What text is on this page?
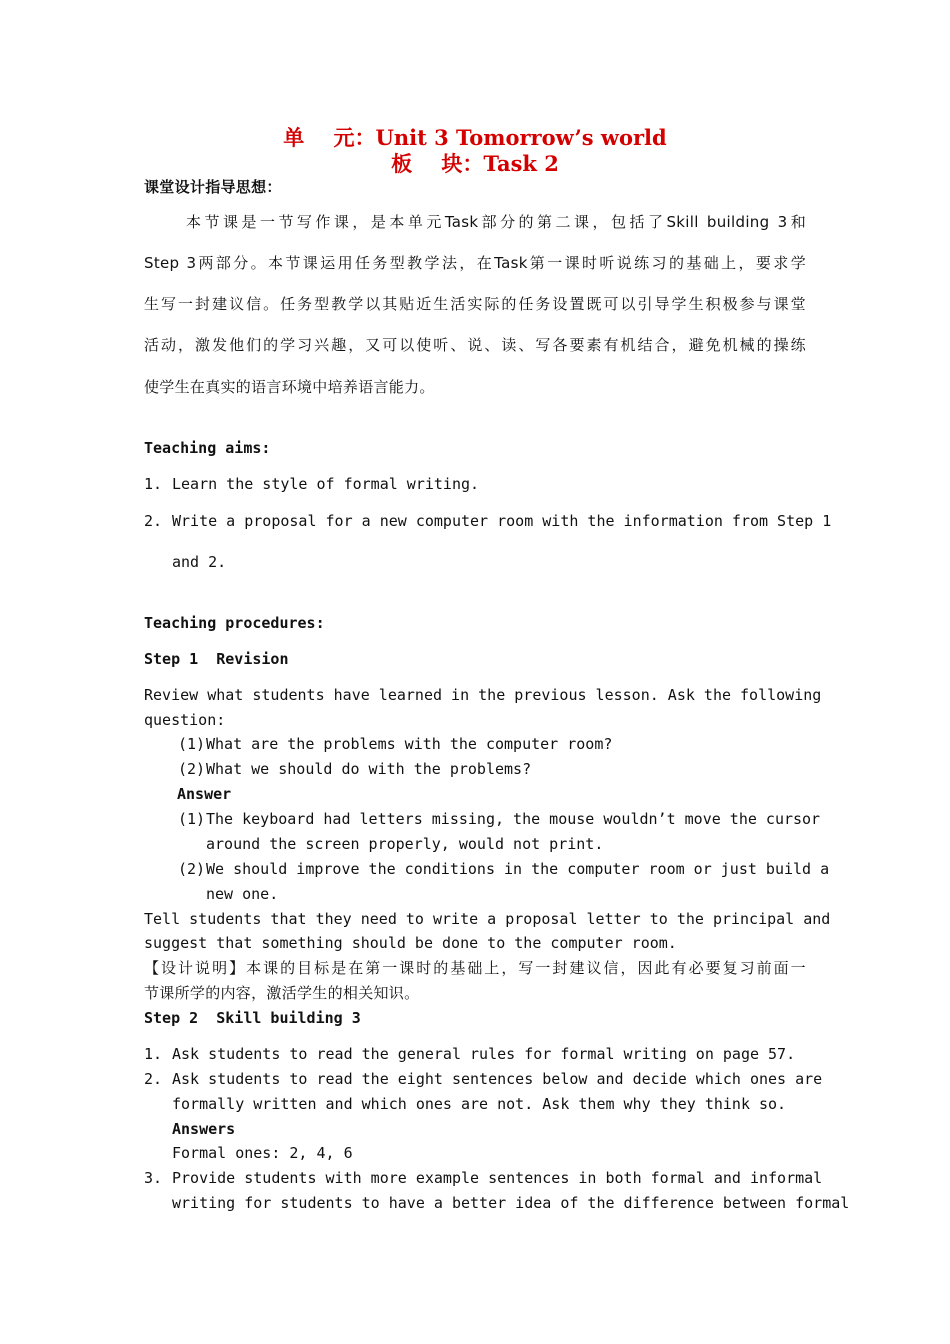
单    元：Unit 3 Tomorrow’s world
板    块：Task 2
课堂设计指导思想：
本节课是一节写作课，是本单元Task部分的第二课，包括了Skill building 3和
Step 3两部分。本节课运用任务型教学法，在Task第一课时听说练习的基础上，要求学
生写一封建议信。任务型教学以其贴近生活实际的任务设置既可以引导学生积极参与课堂
活动，激发他们的学习兴趣，又可以使听、说、读、写各要素有机结合，避免机械的操练
使学生在真实的语言环境中培养语言能力。
Teaching aims:
1. Learn the style of formal writing.
2. Write a proposal for a new computer room with the information from Step 1
and 2.
Teaching procedures:
Step 1  Revision
Review what students have learned in the previous lesson. Ask the following
question:
(1) What are the problems with the computer room?
(2) What we should do with the problems?
Answer
(1) The keyboard had letters missing, the mouse wouldn’t move the cursor
around the screen properly, would not print.
(2) We should improve the conditions in the computer room or just build a
new one.
Tell students that they need to write a proposal letter to the principal and
suggest that something should be done to the computer room.
【设计说明】本课的目标是在第一课时的基础上，写一封建议信，因此有必要复习前面一
节课所学的内容，激活学生的相关知识。
Step 2  Skill building 3
1. Ask students to read the general rules for formal writing on page 57.
2. Ask students to read the eight sentences below and decide which ones are
formally written and which ones are not. Ask them why they think so.
Answers
Formal ones: 2, 4, 6
3. Provide students with more example sentences in both formal and informal
writing for students to have a better idea of the difference between formal
